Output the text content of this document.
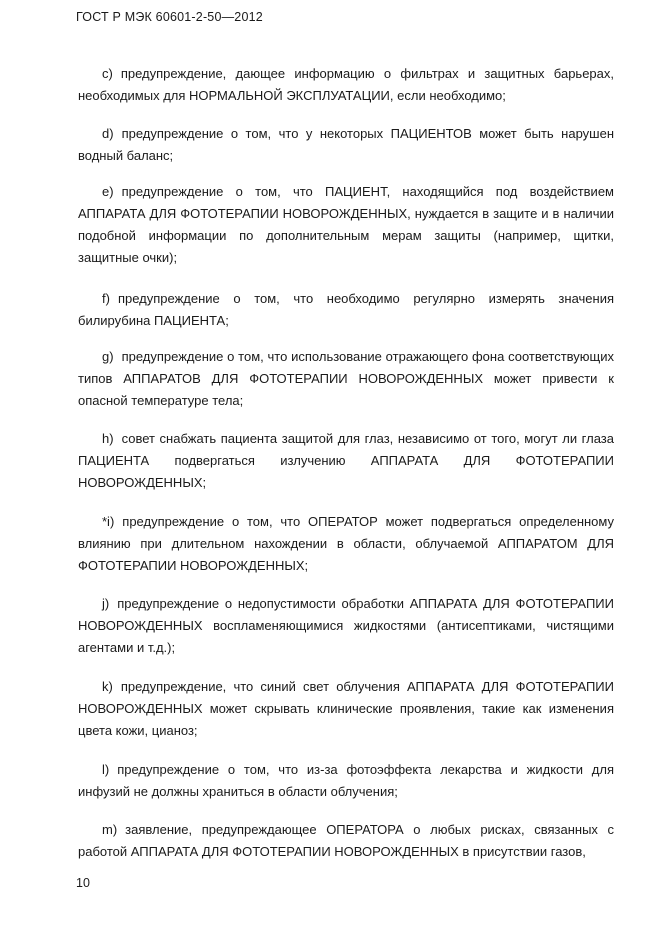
ГОСТ Р МЭК 60601-2-50—2012
c) предупреждение, дающее информацию о фильтрах и защитных барьерах, необходимых для НОРМАЛЬНОЙ ЭКСПЛУАТАЦИИ, если необходимо;
d) предупреждение о том, что у некоторых ПАЦИЕНТОВ может быть нарушен водный баланс;
e) предупреждение о том, что ПАЦИЕНТ, находящийся под воздействием АППАРАТА ДЛЯ ФОТОТЕРАПИИ НОВОРОЖДЕННЫХ, нуждается в защите и в наличии подобной информации по дополнительным мерам защиты (например, щитки, защитные очки);
f) предупреждение о том, что необходимо регулярно измерять значения билирубина ПАЦИЕНТА;
g) предупреждение о том, что использование отражающего фона соответствующих типов АППАРАТОВ ДЛЯ ФОТОТЕРАПИИ НОВОРОЖДЕННЫХ может привести к опасной температуре тела;
h) совет снабжать пациента защитой для глаз, независимо от того, могут ли глаза ПАЦИЕНТА подвергаться излучению АППАРАТА ДЛЯ ФОТОТЕРАПИИ НОВОРОЖДЕННЫХ;
*i) предупреждение о том, что ОПЕРАТОР может подвергаться определенному влиянию при длительном нахождении в области, облучаемой АППАРАТОМ ДЛЯ ФОТОТЕРАПИИ НОВОРОЖДЕННЫХ;
j) предупреждение о недопустимости обработки АППАРАТА ДЛЯ ФОТОТЕРАПИИ НОВОРОЖДЕННЫХ воспламеняющимися жидкостями (антисептиками, чистящими агентами и т.д.);
k) предупреждение, что синий свет облучения АППАРАТА ДЛЯ ФОТОТЕРАПИИ НОВОРОЖДЕННЫХ может скрывать клинические проявления, такие как изменения цвета кожи, цианоз;
l) предупреждение о том, что из-за фотоэффекта лекарства и жидкости для инфузий не должны храниться в области облучения;
m) заявление, предупреждающее ОПЕРАТОРА о любых рисках, связанных с работой АППАРАТА ДЛЯ ФОТОТЕРАПИИ НОВОРОЖДЕННЫХ в присутствии газов,
10
